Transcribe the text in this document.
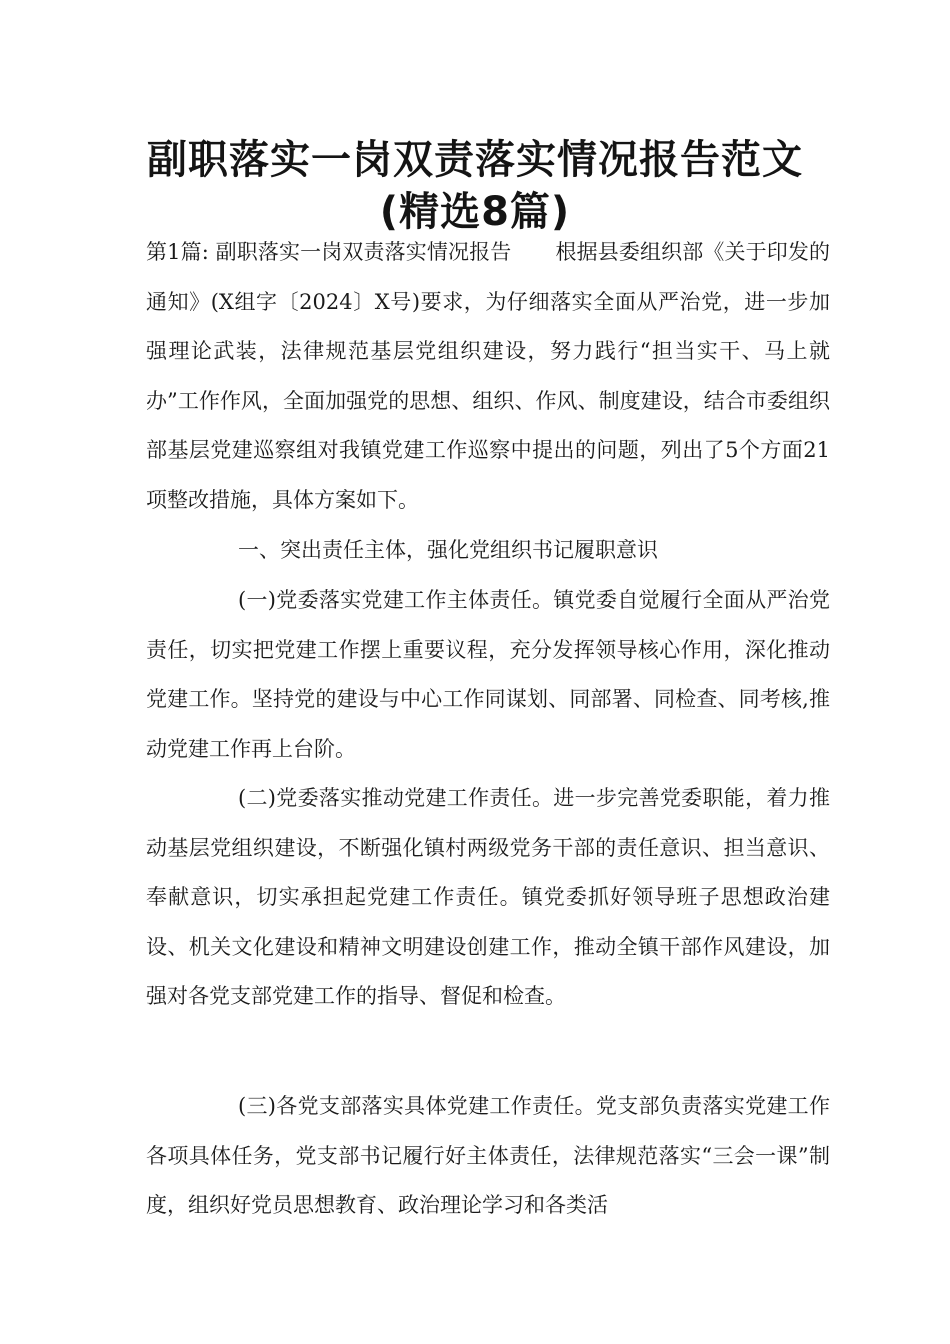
副职落实一岗双责落实情况报告范文
(精选8篇)

第1篇: 副职落实一岗双责落实情况报告 根据县委组织部《关于印发的通知》(X组字〔2024〕X号)要求，为仔细落实全面从严治党，进一步加强理论武装，法律规范基层党组织建设，努力践行“担当实干、马上就办”工作作风，全面加强党的思想、组织、作风、制度建设，结合市委组织部基层党建巡察组对我镇党建工作巡察中提出的问题，列出了5个方面21项整改措施，具体方案如下。

一、突出责任主体，强化党组织书记履职意识

(一)党委落实党建工作主体责任。镇党委自觉履行全面从严治党责任，切实把党建工作摆上重要议程，充分发挥领导核心作用，深化推动党建工作。坚持党的建设与中心工作同谋划、同部署、同检查、同考核,推动党建工作再上台阶。

(二)党委落实推动党建工作责任。进一步完善党委职能，着力推动基层党组织建设，不断强化镇村两级党务干部的责任意识、担当意识、奉献意识，切实承担起党建工作责任。镇党委抓好领导班子思想政治建设、机关文化建设和精神文明建设创建工作，推动全镇干部作风建设，加强对各党支部党建工作的指导、督促和检查。

(三)各党支部落实具体党建工作责任。党支部负责落实党建工作各项具体任务，党支部书记履行好主体责任，法律规范落实“三会一课”制度，组织好党员思想教育、政治理论学习和各类活
